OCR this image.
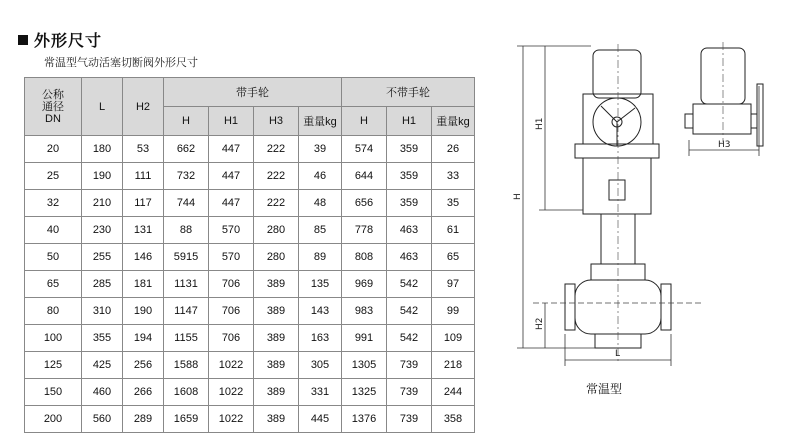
外形尺寸
常温型气动活塞切断阀外形尺寸
公称
通径
DN	L	H2	带手轮				不带手轮		
			H	H1	H3	重量kg	H	H1	重量kg
20	180	53	662	447	222	39	574	359	26
25	190	111	732	447	222	46	644	359	33
32	210	117	744	447	222	48	656	359	35
40	230	131	88	570	280	85	778	463	61
50	255	146	5915	570	280	89	808	463	65
65	285	181	1131	706	389	135	969	542	97
80	310	190	1147	706	389	143	983	542	99
100	355	194	1155	706	389	163	991	542	109
125	425	256	1588	1022	389	305	1305	739	218
150	460	266	1608	1022	389	331	1325	739	244
200	560	289	1659	1022	389	445	1376	739	358
H
H1
H2
L
H3
常温型
